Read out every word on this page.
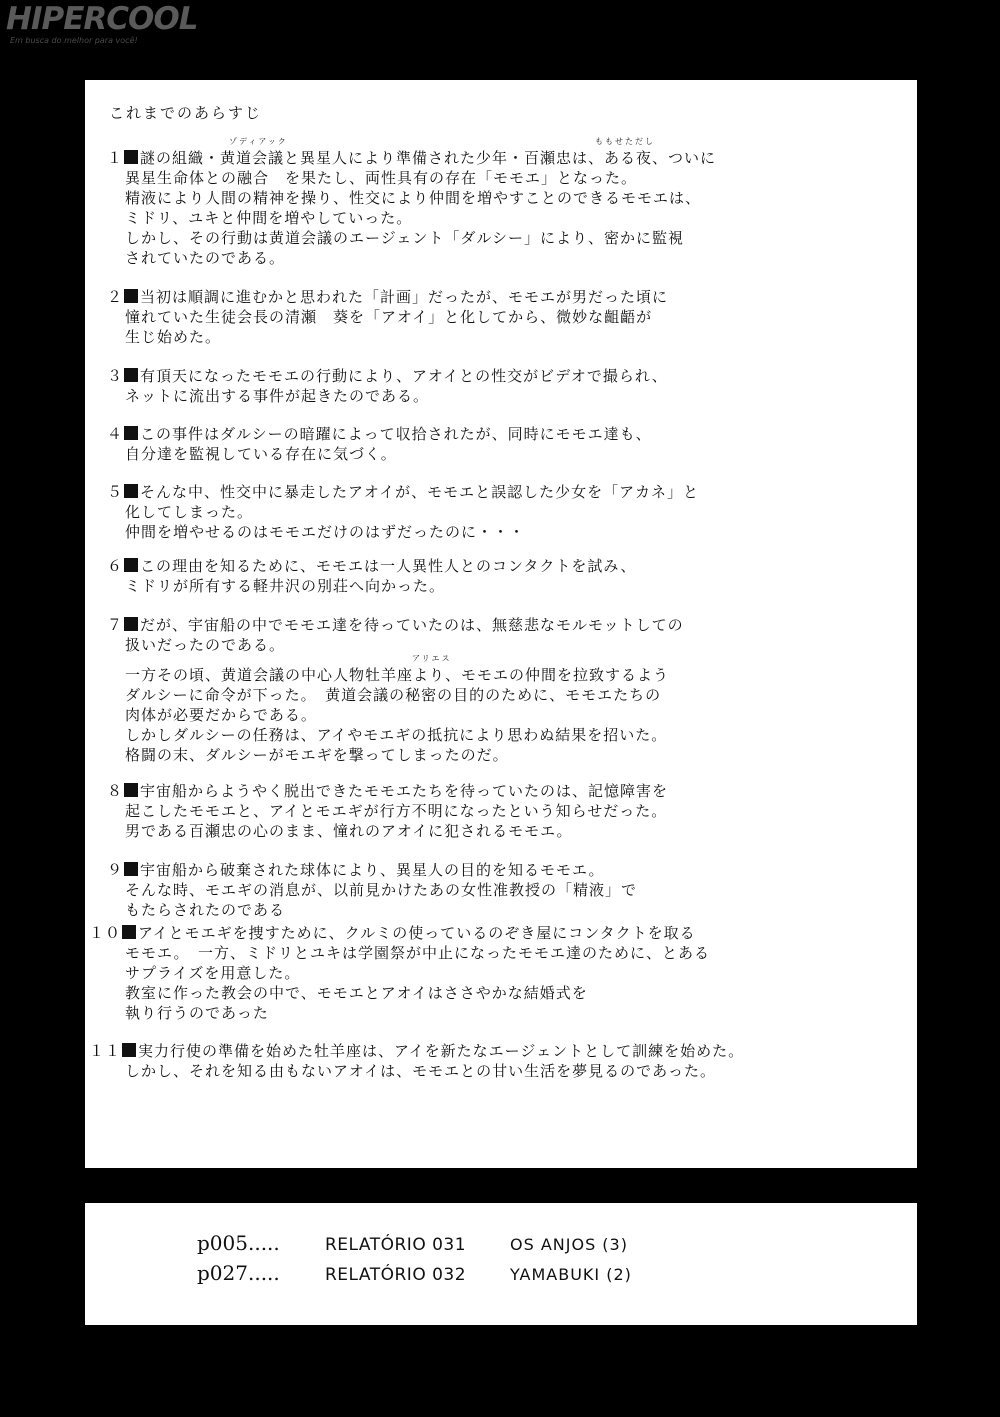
HIPERCOOL
Em busca do melhor para você!
これまでのあらすじ
ゾディアック	ももせただし
１ 謎の組織・黄道会議と異星人により準備された少年・百瀬忠は、ある夜、ついに
異星生命体との融合　を果たし、両性具有の存在「モモエ」となった。
精液により人間の精神を操り、性交により仲間を増やすことのできるモモエは、
ミドリ、ユキと仲間を増やしていった。
しかし、その行動は黄道会議のエージェント「ダルシー」により、密かに監視
されていたのである。
２ 当初は順調に進むかと思われた「計画」だったが、モモエが男だった頃に
憧れていた生徒会長の清瀬　葵を「アオイ」と化してから、微妙な齟齬が
生じ始めた。
３ 有頂天になったモモエの行動により、アオイとの性交がビデオで撮られ、
ネットに流出する事件が起きたのである。
４ この事件はダルシーの暗躍によって収拾されたが、同時にモモエ達も、
自分達を監視している存在に気づく。
５ そんな中、性交中に暴走したアオイが、モモエと誤認した少女を「アカネ」と
化してしまった。
仲間を増やせるのはモモエだけのはずだったのに・・・
６ この理由を知るために、モモエは一人異性人とのコンタクトを試み、
ミドリが所有する軽井沢の別荘へ向かった。
７ だが、宇宙船の中でモモエ達を待っていたのは、無慈悲なモルモットしての
扱いだったのである。
アリエス
一方その頃、黄道会議の中心人物牡羊座より、モモエの仲間を拉致するよう
ダルシーに命令が下った。　黄道会議の秘密の目的のために、モモエたちの
肉体が必要だからである。
しかしダルシーの任務は、アイやモエギの抵抗により思わぬ結果を招いた。
格闘の末、ダルシーがモエギを撃ってしまったのだ。
８ 宇宙船からようやく脱出できたモモエたちを待っていたのは、記憶障害を
起こしたモモエと、アイとモエギが行方不明になったという知らせだった。
男である百瀬忠の心のまま、憧れのアオイに犯されるモモエ。
９ 宇宙船から破棄された球体により、異星人の目的を知るモモエ。
そんな時、モエギの消息が、以前見かけたあの女性准教授の「精液」で
もたらされたのである
１０ アイとモエギを捜すために、クルミの使っているのぞき屋にコンタクトを取る
モモエ。　一方、ミドリとユキは学園祭が中止になったモモエ達のために、とある
サプライズを用意した。
教室に作った教会の中で、モモエとアオイはささやかな結婚式を
執り行うのであった
１１ 実力行使の準備を始めた牡羊座は、アイを新たなエージェントとして訓練を始めた。
しかし、それを知る由もないアオイは、モモエとの甘い生活を夢見るのであった。
p005.....	RELATÓRIO 031	OS ANJOS (3)
p027.....	RELATÓRIO 032	YAMABUKI (2)
